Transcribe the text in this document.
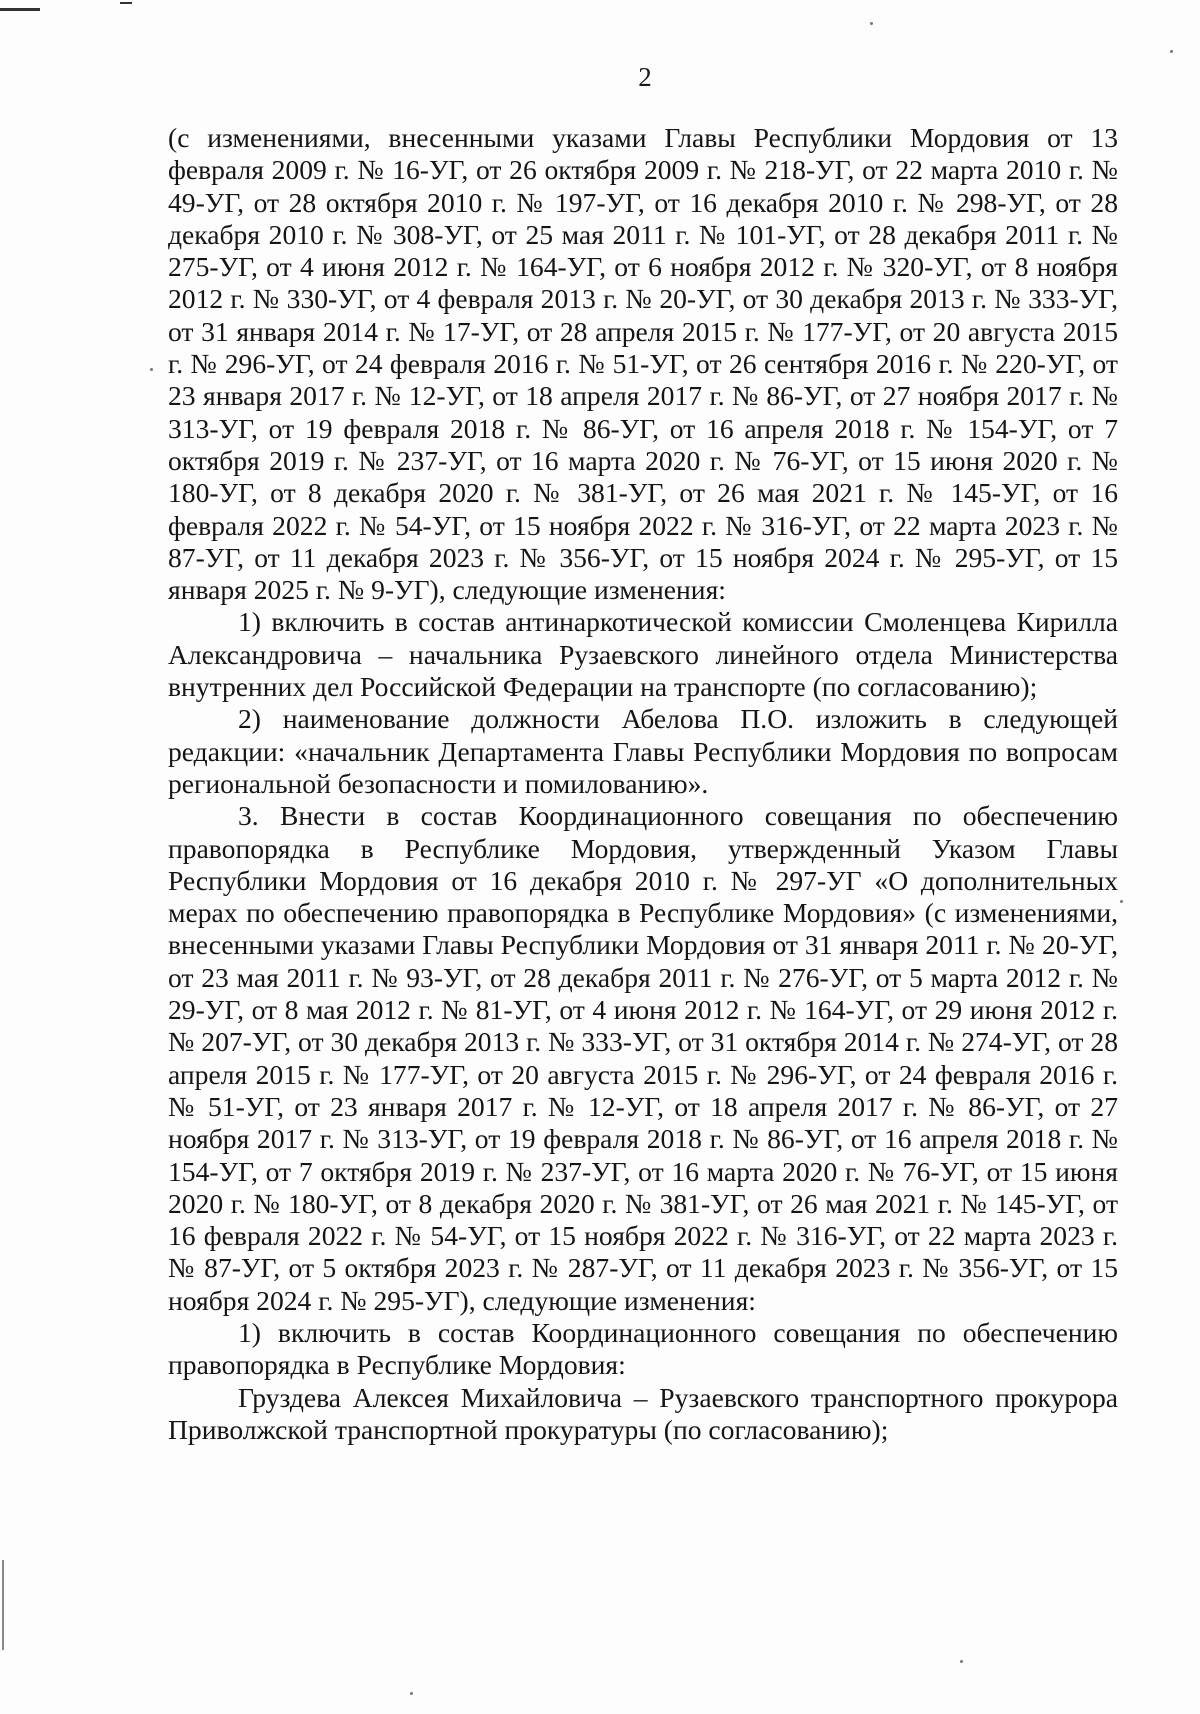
2

(с изменениями, внесенными указами Главы Республики Мордовия от 13 февраля 2009 г. № 16-УГ, от 26 октября 2009 г. № 218-УГ, от 22 марта 2010 г. № 49-УГ, от 28 октября 2010 г. № 197-УГ, от 16 декабря 2010 г. № 298-УГ, от 28 декабря 2010 г. № 308-УГ, от 25 мая 2011 г. № 101-УГ, от 28 декабря 2011 г. № 275-УГ, от 4 июня 2012 г. № 164-УГ, от 6 ноября 2012 г. № 320-УГ, от 8 ноября 2012 г. № 330-УГ, от 4 февраля 2013 г. № 20-УГ, от 30 декабря 2013 г. № 333-УГ, от 31 января 2014 г. № 17-УГ, от 28 апреля 2015 г. № 177-УГ, от 20 августа 2015 г. № 296-УГ, от 24 февраля 2016 г. № 51-УГ, от 26 сентября 2016 г. № 220-УГ, от 23 января 2017 г. № 12-УГ, от 18 апреля 2017 г. № 86-УГ, от 27 ноября 2017 г. № 313-УГ, от 19 февраля 2018 г. № 86-УГ, от 16 апреля 2018 г. № 154-УГ, от 7 октября 2019 г. № 237-УГ, от 16 марта 2020 г. № 76-УГ, от 15 июня 2020 г. № 180-УГ, от 8 декабря 2020 г. № 381-УГ, от 26 мая 2021 г. № 145-УГ, от 16 февраля 2022 г. № 54-УГ, от 15 ноября 2022 г. № 316-УГ, от 22 марта 2023 г. № 87-УГ, от 11 декабря 2023 г. № 356-УГ, от 15 ноября 2024 г. № 295-УГ, от 15 января 2025 г. № 9-УГ), следующие изменения:

1) включить в состав антинаркотической комиссии Смоленцева Кирилла Александровича – начальника Рузаевского линейного отдела Министерства внутренних дел Российской Федерации на транспорте (по согласованию);

2) наименование должности Абелова П.О. изложить в следующей редакции: «начальник Департамента Главы Республики Мордовия по вопросам региональной безопасности и помилованию».

3. Внести в состав Координационного совещания по обеспечению правопорядка в Республике Мордовия, утвержденный Указом Главы Республики Мордовия от 16 декабря 2010 г. № 297-УГ «О дополнительных мерах по обеспечению правопорядка в Республике Мордовия» (с изменениями, внесенными указами Главы Республики Мордовия от 31 января 2011 г. № 20-УГ, от 23 мая 2011 г. № 93-УГ, от 28 декабря 2011 г. № 276-УГ, от 5 марта 2012 г. № 29-УГ, от 8 мая 2012 г. № 81-УГ, от 4 июня 2012 г. № 164-УГ, от 29 июня 2012 г. № 207-УГ, от 30 декабря 2013 г. № 333-УГ, от 31 октября 2014 г. № 274-УГ, от 28 апреля 2015 г. № 177-УГ, от 20 августа 2015 г. № 296-УГ, от 24 февраля 2016 г. № 51-УГ, от 23 января 2017 г. № 12-УГ, от 18 апреля 2017 г. № 86-УГ, от 27 ноября 2017 г. № 313-УГ, от 19 февраля 2018 г. № 86-УГ, от 16 апреля 2018 г. № 154-УГ, от 7 октября 2019 г. № 237-УГ, от 16 марта 2020 г. № 76-УГ, от 15 июня 2020 г. № 180-УГ, от 8 декабря 2020 г. № 381-УГ, от 26 мая 2021 г. № 145-УГ, от 16 февраля 2022 г. № 54-УГ, от 15 ноября 2022 г. № 316-УГ, от 22 марта 2023 г. № 87-УГ, от 5 октября 2023 г. № 287-УГ, от 11 декабря 2023 г. № 356-УГ, от 15 ноября 2024 г. № 295-УГ), следующие изменения:

1) включить в состав Координационного совещания по обеспечению правопорядка в Республике Мордовия:

Груздева Алексея Михайловича – Рузаевского транспортного прокурора Приволжской транспортной прокуратуры (по согласованию);
